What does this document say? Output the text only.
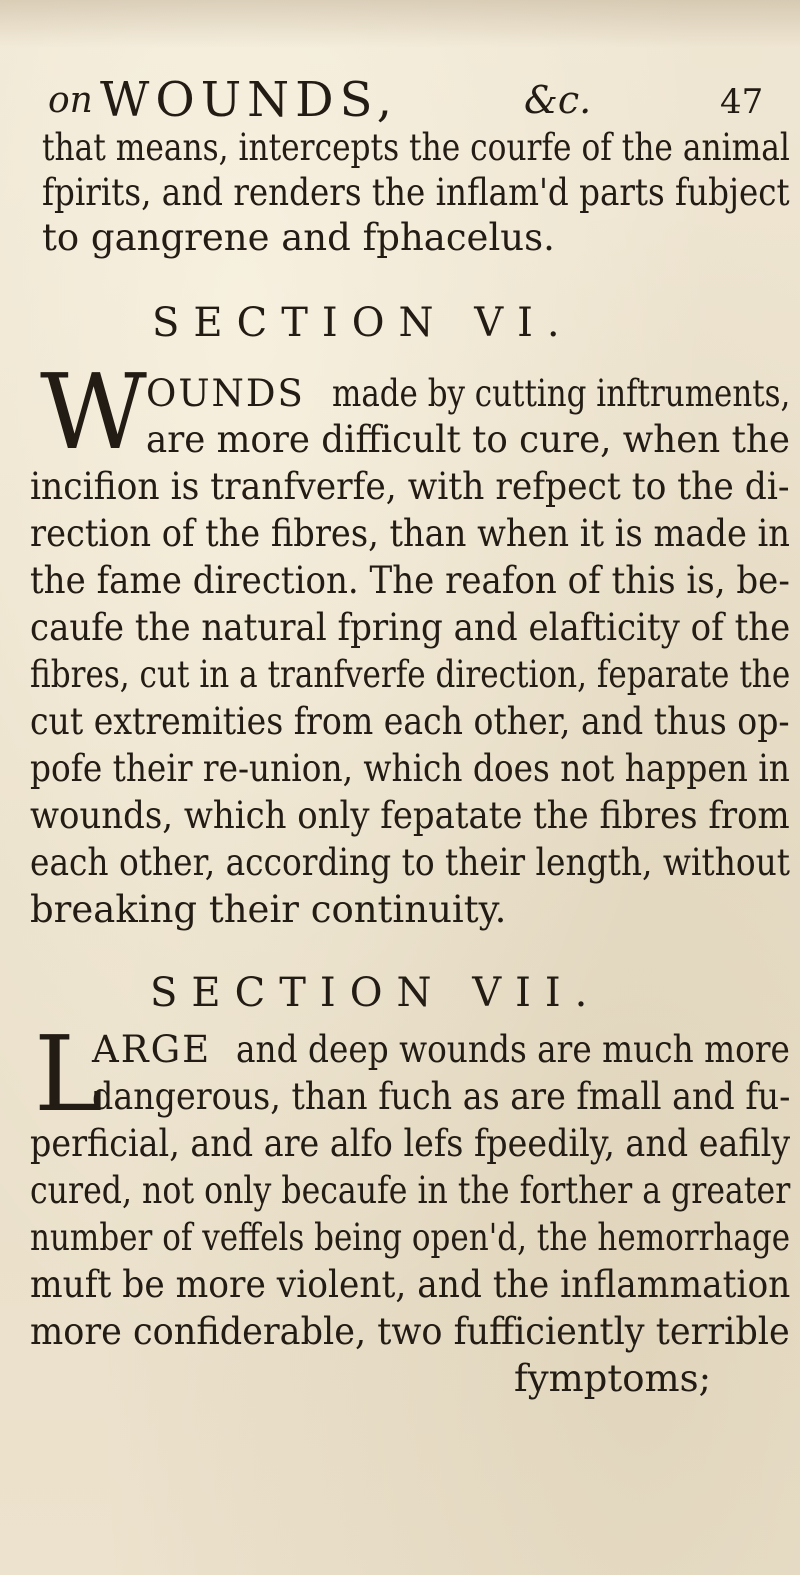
on WOUNDS,	&c.	47
that means, intercepts the courfe of the animal
fpirits, and renders the inflam'd parts fubject
to gangrene and fphacelus.
SECTION VI.
W OUNDS made by cutting inftruments,
are more difficult to cure, when the
incifion is tranfverfe, with refpect to the di-
rection of the fibres, than when it is made in
the fame direction. The reafon of this is, be-
caufe the natural fpring and elafticity of the
fibres, cut in a tranfverfe direction, feparate the
cut extremities from each other, and thus op-
pofe their re-union, which does not happen in
wounds, which only fepatate the fibres from
each other, according to their length, without
breaking their continuity.
SECTION VII.
L
ARGE and deep wounds are much more
dangerous, than fuch as are fmall and fu-
perficial, and are alfo lefs fpeedily, and eafily
cured, not only becaufe in the forther a greater
number of veffels being open'd, the hemorrhage
muft be more violent, and the inflammation
more confiderable, two fufficiently terrible
fymptoms;
